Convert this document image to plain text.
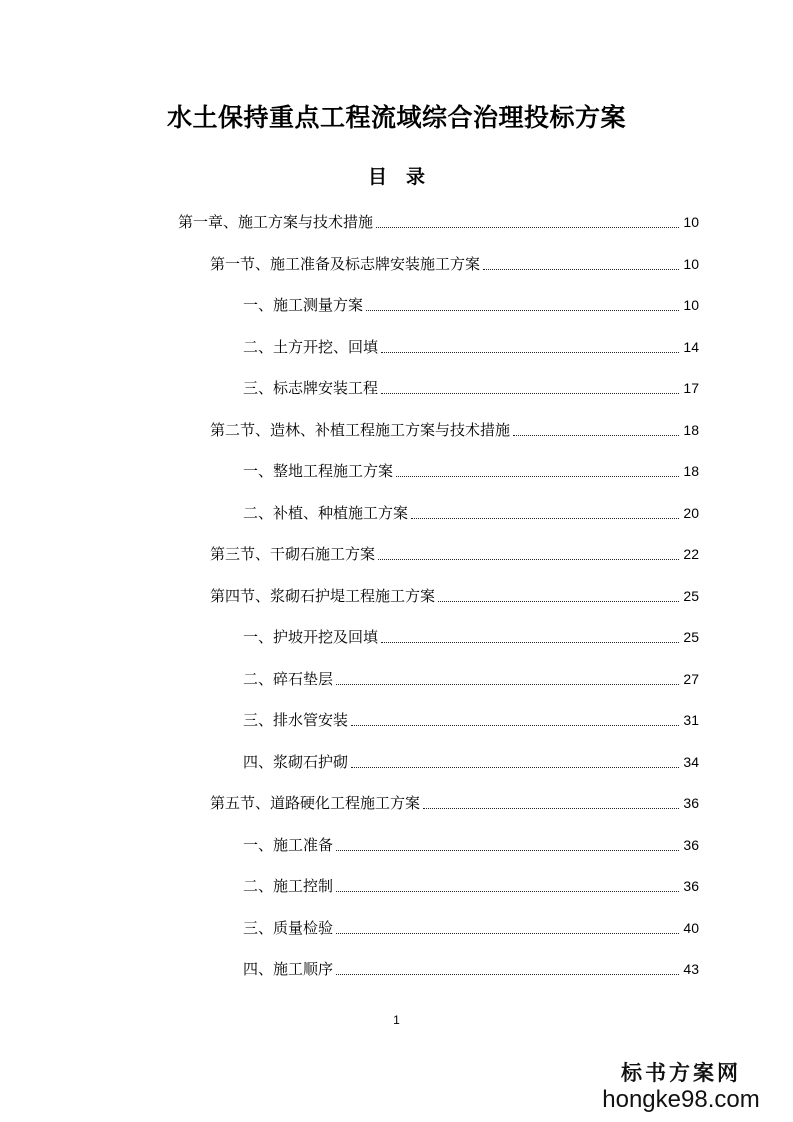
水土保持重点工程流域综合治理投标方案
目　录
第一章、施工方案与技术措施	10
第一节、施工准备及标志牌安装施工方案	10
一、施工测量方案	10
二、土方开挖、回填	14
三、标志牌安装工程	17
第二节、造林、补植工程施工方案与技术措施	18
一、整地工程施工方案	18
二、补植、种植施工方案	20
第三节、干砌石施工方案	22
第四节、浆砌石护堤工程施工方案	25
一、护坡开挖及回填	25
二、碎石垫层	27
三、排水管安装	31
四、浆砌石护砌	34
第五节、道路硬化工程施工方案	36
一、施工准备	36
二、施工控制	36
三、质量检验	40
四、施工顺序	43
1
标书方案网
hongke98.com
